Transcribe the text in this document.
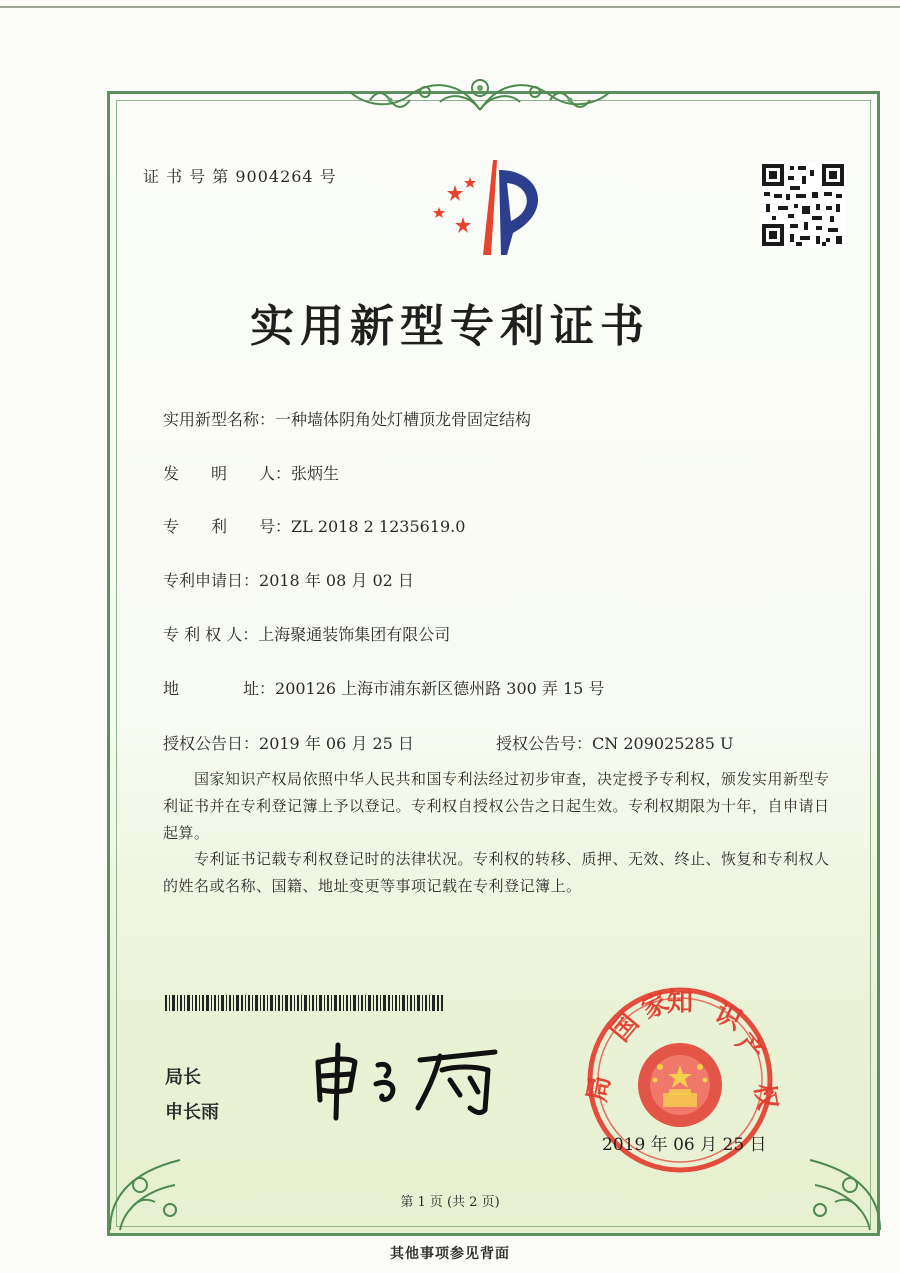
证 书 号 第 9004264 号
实用新型专利证书
实用新型名称：一种墙体阴角处灯槽顶龙骨固定结构
发　　明　　人：张炳生
专　　利　　号：ZL 2018 2 1235619.0
专利申请日：2018 年 08 月 02 日
专 利 权 人：上海聚通装饰集团有限公司
地　　　　址：200126 上海市浦东新区德州路 300 弄 15 号
授权公告日：2019 年 06 月 25 日	授权公告号：CN 209025285 U
国家知识产权局依照中华人民共和国专利法经过初步审查，决定授予专利权，颁发实用新型专利证书并在专利登记簿上予以登记。专利权自授权公告之日起生效。专利权期限为十年，自申请日起算。
专利证书记载专利权登记时的法律状况。专利权的转移、质押、无效、终止、恢复和专利权人的姓名或名称、国籍、地址变更等事项记载在专利登记簿上。
局长
申长雨
国
家
知 识
产
局	权
2019 年 06 月 25 日
第 1 页 (共 2 页)
其他事项参见背面
